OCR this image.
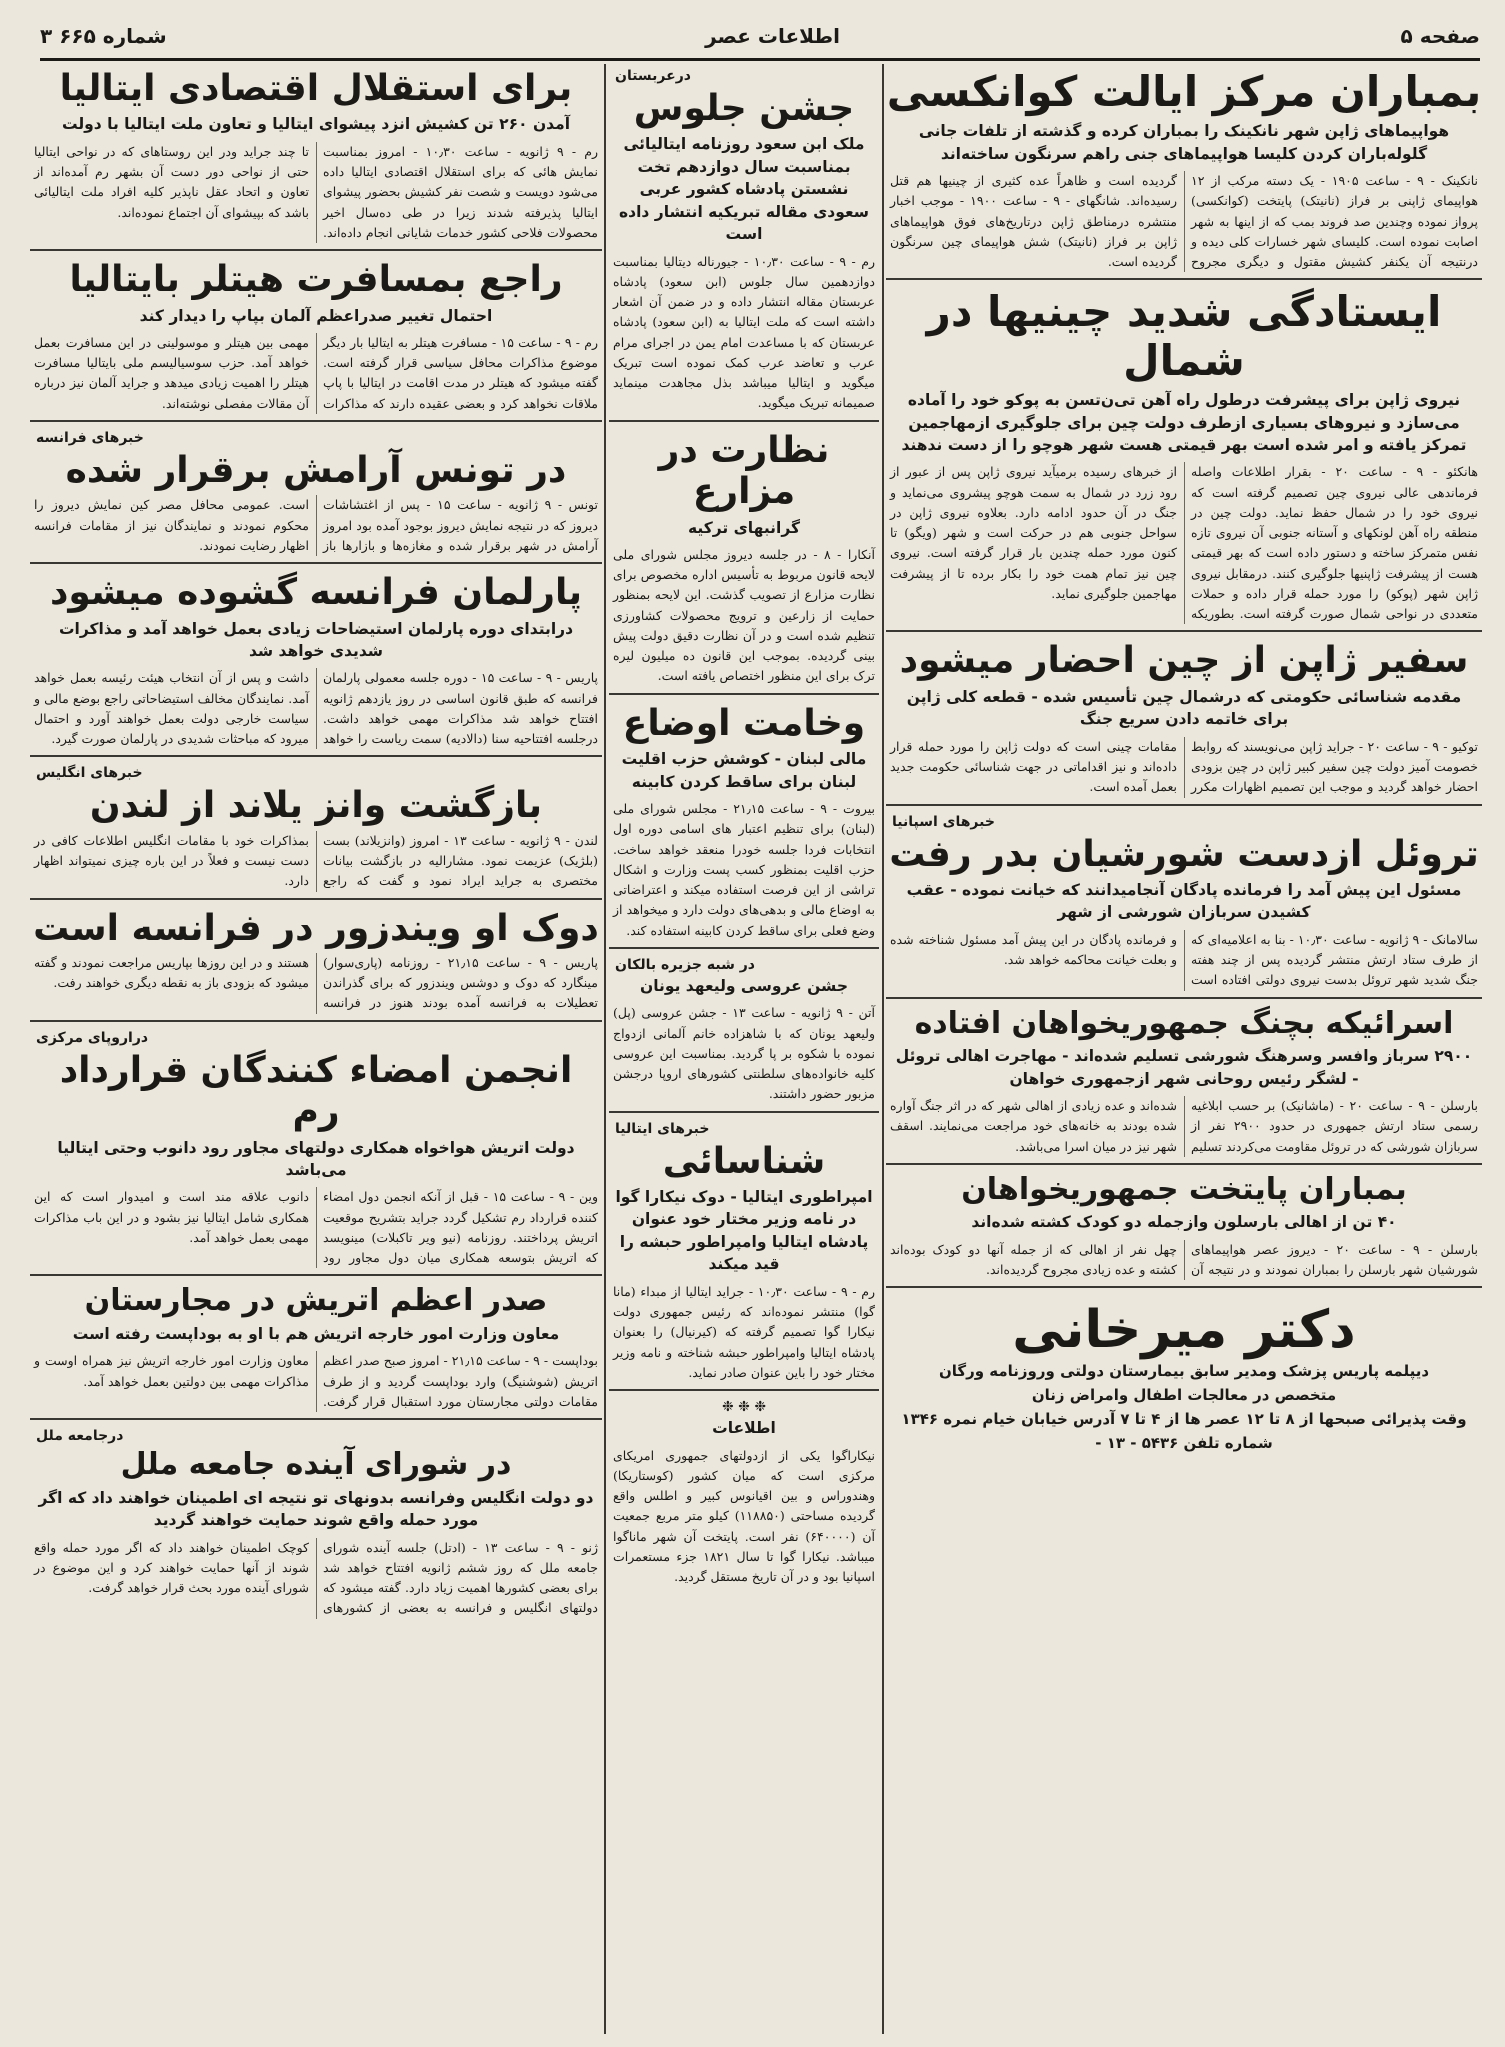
صفحه ۵
اطلاعات عصر
شماره ۶۶۵ ۳
بمباران مرکز ایالت کوانکسی
هواپیماهای ژاپن شهر نانکینک را بمباران کرده و گذشته از تلفات جانی گلوله‌باران کردن کلیسا هواپیماهای جنی راهم سرنگون ساخته‌اند
نانکینک - ۹ - ساعت ۱۹۰۵ - یک دسته مرکب از ۱۲ هواپیمای ژاپنی بر فراز (نانیتک) پایتخت (کوانکسی) پرواز نموده وچندین صد فروند بمب که از اینها به شهر اصابت نموده است. کلیسای شهر خسارات کلی دیده و درنتیجه آن یکنفر کشیش مقتول و دیگری مجروح گردیده است و ظاهراً عده کثیری از چینیها هم قتل رسیده‌اند. شانگهای - ۹ - ساعت ۱۹۰۰ - موجب اخبار منتشره درمناطق ژاپن درتاریخ‌های فوق هواپیماهای ژاپن بر فراز (نانیتک) شش هواپیمای چین سرنگون گردیده است.
ایستادگی شدید چینیها در شمال
نیروی ژاپن برای پیشرفت درطول راه آهن تی‌ن‌تسن به پوکو خود را آماده می‌سازد و نیروهای بسیاری ازطرف دولت چین برای جلوگیری ازمهاجمین تمرکز یافته و امر شده است بهر قیمتی هست شهر هوچو را از دست ندهند
هانکئو - ۹ - ساعت ۲۰ - بقرار اطلاعات واصله فرماندهی عالی نیروی چین تصمیم گرفته است که نیروی خود را در شمال حفظ نماید. دولت چین در منطقه راه آهن لونکهای و آستانه جنوبی آن نیروی تازه نفس متمرکز ساخته و دستور داده است که بهر قیمتی هست از پیشرفت ژاپنیها جلوگیری کنند. درمقابل نیروی ژاپن شهر (پوکو) را مورد حمله قرار داده و حملات متعددی در نواحی شمال صورت گرفته است. بطوریکه از خبرهای رسیده برمیآید نیروی ژاپن پس از عبور از رود زرد در شمال به سمت هوچو پیشروی می‌نماید و جنگ در آن حدود ادامه دارد. بعلاوه نیروی ژاپن در سواحل جنوبی هم در حرکت است و شهر (ویگو) تا کنون مورد حمله چندین بار قرار گرفته است. نیروی چین نیز تمام همت خود را بکار برده تا از پیشرفت مهاجمین جلوگیری نماید.
سفیر ژاپن از چین احضار میشود
مقدمه شناسائی حکومتی که درشمال چین تأسیس شده - قطعه کلی ژاپن برای خاتمه دادن سریع جنگ
توکیو - ۹ - ساعت ۲۰ - جراید ژاپن می‌نویسند که روابط خصومت آمیز دولت چین سفیر کبیر ژاپن در چین بزودی احضار خواهد گردید و موجب این تصمیم اظهارات مکرر مقامات چینی است که دولت ژاپن را مورد حمله قرار داده‌اند و نیز اقداماتی در جهت شناسائی حکومت جدید بعمل آمده است.
خبرهای اسپانیا
تروئل ازدست شورشیان بدر رفت
مسئول این پیش آمد را فرمانده پادگان آنجامیدانند که خیانت نموده - عقب کشیدن سربازان شورشی از شهر
سالامانک - ۹ ژانویه - ساعت ۱۰٫۳۰ - بنا به اعلامیه‌ای که از طرف ستاد ارتش منتشر گردیده پس از چند هفته جنگ شدید شهر تروئل بدست نیروی دولتی افتاده است و فرمانده پادگان در این پیش آمد مسئول شناخته شده و بعلت خیانت محاکمه خواهد شد.
اسرائیکه بچنگ جمهوریخواهان افتاده
۲۹۰۰ سرباز وافسر وسرهنگ شورشی تسلیم شده‌اند - مهاجرت اهالی تروئل - لشگر رئیس روحانی شهر ازجمهوری خواهان
بارسلن - ۹ - ساعت ۲۰ - (ماشانیک) بر حسب ابلاغیه رسمی ستاد ارتش جمهوری در حدود ۲۹۰۰ نفر از سربازان شورشی که در تروئل مقاومت می‌کردند تسلیم شده‌اند و عده زیادی از اهالی شهر که در اثر جنگ آواره شده بودند به خانه‌های خود مراجعت می‌نمایند. اسقف شهر نیز در میان اسرا می‌باشد.
بمباران پایتخت جمهوریخواهان
۴۰ تن از اهالی بارسلون وازجمله دو کودک کشته شده‌اند
بارسلن - ۹ - ساعت ۲۰ - دیروز عصر هواپیماهای شورشیان شهر بارسلن را بمباران نمودند و در نتیجه آن چهل نفر از اهالی که از جمله آنها دو کودک بوده‌اند کشته و عده زیادی مجروح گردیده‌اند.
دکتر میرخانی
دیپلمه پاریس پزشک ومدیر سابق بیمارستان دولتی وروزنامه ورگان
متخصص در معالجات اطفال وامراض زنان
وقت پذیرائی صبحها از ۸ تا ۱۲ عصر ها از ۴ تا ۷ آدرس خیابان خیام نمره ۱۳۴۶
شماره تلفن ۵۴۳۶ - ۱۳ -
درعربستان
جشن جلوس
ملک ابن سعود روزنامه ایتالیائی بمناسبت سال دوازدهم تخت نشستن پادشاه کشور عربی سعودی مقاله تبریکیه انتشار داده است
رم - ۹ - ساعت ۱۰٫۳۰ - جیورناله دیتالیا بمناسبت دوازدهمین سال جلوس (ابن سعود) پادشاه عربستان مقاله انتشار داده و در ضمن آن اشعار داشته است که ملت ایتالیا به (ابن سعود) پادشاه عربستان که با مساعدت امام یمن در اجرای مرام عرب و تعاضد عرب کمک نموده است تبریک میگوید و ایتالیا میباشد بذل مجاهدت مینماید صمیمانه تبریک میگوید.
نظارت در مزارع
گرانبهای ترکیه
آنکارا - ۸ - در جلسه دیروز مجلس شورای ملی لایحه قانون مربوط به تأسیس اداره مخصوص برای نظارت مزارع از تصویب گذشت. این لایحه بمنظور حمایت از زارعین و ترویج محصولات کشاورزی تنظیم شده است و در آن نظارت دقیق دولت پیش بینی گردیده. بموجب این قانون ده میلیون لیره ترک برای این منظور اختصاص یافته است.
وخامت اوضاع
مالی لبنان - کوشش حزب اقلیت لبنان برای ساقط کردن کابینه
بیروت - ۹ - ساعت ۲۱٫۱۵ - مجلس شورای ملی (لبنان) برای تنظیم اعتبار های اسامی دوره اول انتخابات فردا جلسه خودرا منعقد خواهد ساخت. حزب اقلیت بمنظور کسب پست وزارت و اشکال تراشی از این فرصت استفاده میکند و اعتراضاتی به اوضاع مالی و بدهی‌های دولت دارد و میخواهد از وضع فعلی برای ساقط کردن کابینه استفاده کند.
در شبه جزیره بالکان
جشن عروسی ولیعهد یونان
آتن - ۹ ژانویه - ساعت ۱۳ - جشن عروسی (پل) ولیعهد یونان که با شاهزاده خانم آلمانی ازدواج نموده با شکوه بر پا گردید. بمناسبت این عروسی کلیه خانواده‌های سلطنتی کشورهای اروپا درجشن مزبور حضور داشتند.
خبرهای ایتالیا
شناسائی
امپراطوری ایتالیا - دوک نیکارا گوا در نامه وزیر مختار خود عنوان پادشاه ایتالیا وامپراطور حبشه را قید میکند
رم - ۹ - ساعت ۱۰٫۳۰ - جراید ایتالیا از مبداء (مانا گوا) منتشر نموده‌اند که رئیس جمهوری دولت نیکارا گوا تصمیم گرفته که (کیرنیال) را بعنوان پادشاه ایتالیا وامپراطور حبشه شناخته و نامه وزیر مختار خود را باین عنوان صادر نماید.
❉ ❉ ❉
اطلاعات
نیکاراگوا یکی از ازدولتهای جمهوری امریکای مرکزی است که میان کشور (کوستاریکا) وهندوراس و بین اقیانوس کبیر و اطلس واقع گردیده مساحتی (۱۱۸۸۵۰) کیلو متر مربع جمعیت آن (۶۴۰۰۰۰) نفر است. پایتخت آن شهر ماناگوا میباشد. نیکارا گوا تا سال ۱۸۲۱ جزء مستعمرات اسپانیا بود و در آن تاریخ مستقل گردید.
برای استقلال اقتصادی ایتالیا
آمدن ۲۶۰ تن کشیش انزد پیشوای ایتالیا و تعاون ملت ایتالیا با دولت
رم - ۹ ژانویه - ساعت ۱۰٫۳۰ - امروز بمناسبت نمایش هائی که برای استقلال اقتصادی ایتالیا داده می‌شود دویست و شصت نفر کشیش بحضور پیشوای ایتالیا پذیرفته شدند زیرا در طی ده‌سال اخیر محصولات فلاحی کشور خدمات شایانی انجام داده‌اند. تا چند جراید ودر این روستاهای که در نواحی ایتالیا حتی از نواحی دور دست آن بشهر رم آمده‌اند از تعاون و اتحاد عقل ناپذیر کلیه افراد ملت ایتالیائی باشد که بپیشوای آن اجتماع نموده‌اند.
راجع بمسافرت هیتلر بایتالیا
احتمال تغییر صدراعظم آلمان بپاپ را دیدار کند
رم - ۹ - ساعت ۱۵ - مسافرت هیتلر به ایتالیا بار دیگر موضوع مذاکرات محافل سیاسی قرار گرفته است. گفته میشود که هیتلر در مدت اقامت در ایتالیا با پاپ ملاقات نخواهد کرد و بعضی عقیده دارند که مذاکرات مهمی بین هیتلر و موسولینی در این مسافرت بعمل خواهد آمد. حزب سوسیالیسم ملی بایتالیا مسافرت هیتلر را اهمیت زیادی میدهد و جراید آلمان نیز درباره آن مقالات مفصلی نوشته‌اند.
خبرهای فرانسه
در تونس آرامش برقرار شده
تونس - ۹ ژانویه - ساعت ۱۵ - پس از اغتشاشات دیروز که در نتیجه نمایش دیروز بوجود آمده بود امروز آرامش در شهر برقرار شده و مغازه‌ها و بازارها باز است. عمومی محافل مصر کین نمایش دیروز را محکوم نمودند و نمایندگان نیز از مقامات فرانسه اظهار رضایت نمودند.
پارلمان فرانسه گشوده میشود
درابتدای دوره پارلمان استیضاحات زیادی بعمل خواهد آمد و مذاکرات شدیدی خواهد شد
پاریس - ۹ - ساعت ۱۵ - دوره جلسه معمولی پارلمان فرانسه که طبق قانون اساسی در روز یازدهم ژانویه افتتاح خواهد شد مذاکرات مهمی خواهد داشت. درجلسه افتتاحیه سنا (دالادیه) سمت ریاست را خواهد داشت و پس از آن انتخاب هیئت رئیسه بعمل خواهد آمد. نمایندگان مخالف استیضاحاتی راجع بوضع مالی و سیاست خارجی دولت بعمل خواهند آورد و احتمال میرود که مباحثات شدیدی در پارلمان صورت گیرد.
خبرهای انگلیس
بازگشت وانز یلاند از لندن
لندن - ۹ ژانویه - ساعت ۱۳ - امروز (وانزیلاند) بست (بلژیک) عزیمت نمود. مشارالیه در بازگشت بیانات مختصری به جراید ایراد نمود و گفت که راجع بمذاکرات خود با مقامات انگلیس اطلاعات کافی در دست نیست و فعلاً در این باره چیزی نمیتواند اظهار دارد.
دوک او ویندزور در فرانسه است
پاریس - ۹ - ساعت ۲۱٫۱۵ - روزنامه (پاری‌سوار) مینگارد که دوک و دوشس ویندزور که برای گذراندن تعطیلات به فرانسه آمده بودند هنوز در فرانسه هستند و در این روزها بپاریس مراجعت نمودند و گفته میشود که بزودی باز به نقطه دیگری خواهند رفت.
دراروپای مرکزی
انجمن امضاء کنندگان قرارداد رم
دولت اتریش هواخواه همکاری دولتهای مجاور رود دانوب وحتی ایتالیا می‌باشد
وین - ۹ - ساعت ۱۵ - قبل از آنکه انجمن دول امضاء کننده قرارداد رم تشکیل گردد جراید بتشریح موقعیت اتریش پرداختند. روزنامه (نیو ویر تاکبلات) مینویسد که اتریش بتوسعه همکاری میان دول مجاور رود دانوب علاقه مند است و امیدوار است که این همکاری شامل ایتالیا نیز بشود و در این باب مذاکرات مهمی بعمل خواهد آمد.
صدر اعظم اتریش در مجارستان
معاون وزارت امور خارجه اتریش هم با او به بوداپست رفته است
بوداپست - ۹ - ساعت ۲۱٫۱۵ - امروز صبح صدر اعظم اتریش (شوشنیگ) وارد بوداپست گردید و از طرف مقامات دولتی مجارستان مورد استقبال قرار گرفت. معاون وزارت امور خارجه اتریش نیز همراه اوست و مذاکرات مهمی بین دولتین بعمل خواهد آمد.
درجامعه ملل
در شورای آینده جامعه ملل
دو دولت انگلیس وفرانسه بدونهای تو نتیجه ای اطمینان خواهند داد که اگر مورد حمله واقع شوند حمایت خواهند گردید
ژنو - ۹ - ساعت ۱۳ - (ادتل) جلسه آینده شورای جامعه ملل که روز ششم ژانویه افتتاح خواهد شد برای بعضی کشورها اهمیت زیاد دارد. گفته میشود که دولتهای انگلیس و فرانسه به بعضی از کشورهای کوچک اطمینان خواهند داد که اگر مورد حمله واقع شوند از آنها حمایت خواهند کرد و این موضوع در شورای آینده مورد بحث قرار خواهد گرفت.
